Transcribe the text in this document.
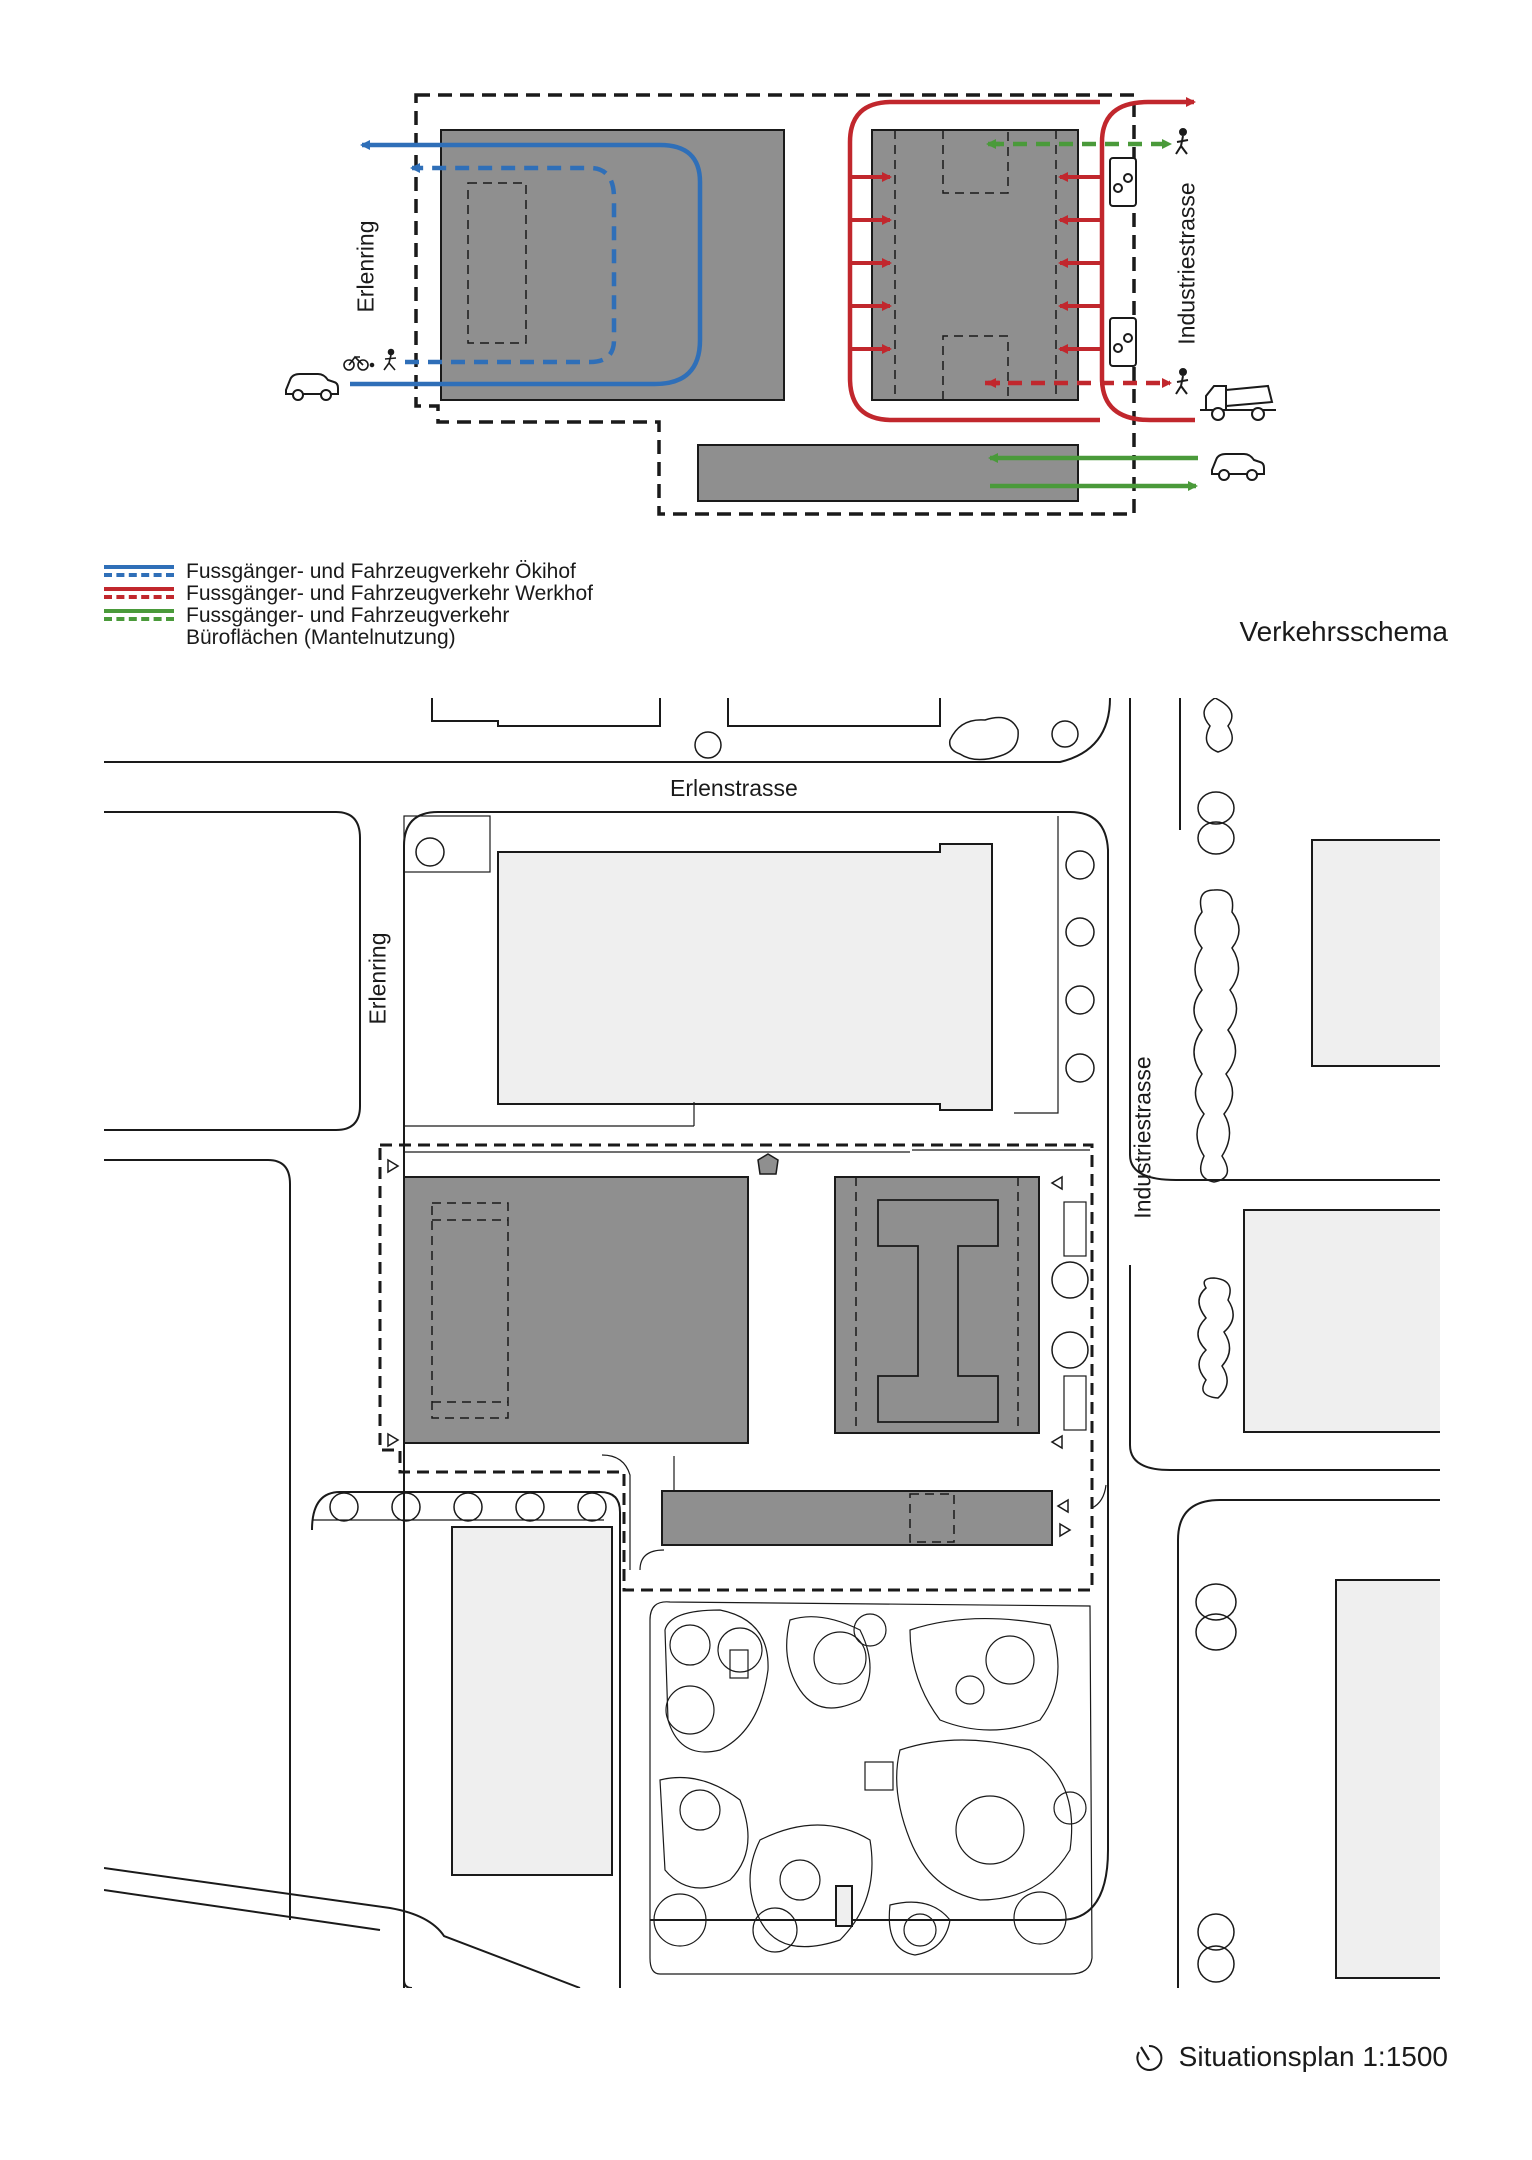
Erlenring	Industriestrasse
Fussgänger- und Fahrzeugverkehr Ökihof
Fussgänger- und Fahrzeugverkehr Werkhof
Fussgänger- und Fahrzeugverkehr
Büroflächen (Mantelnutzung)	Verkehrsschema
Erlenstrasse
Erlenring
Industriestrasse
Situationsplan 1:1500
